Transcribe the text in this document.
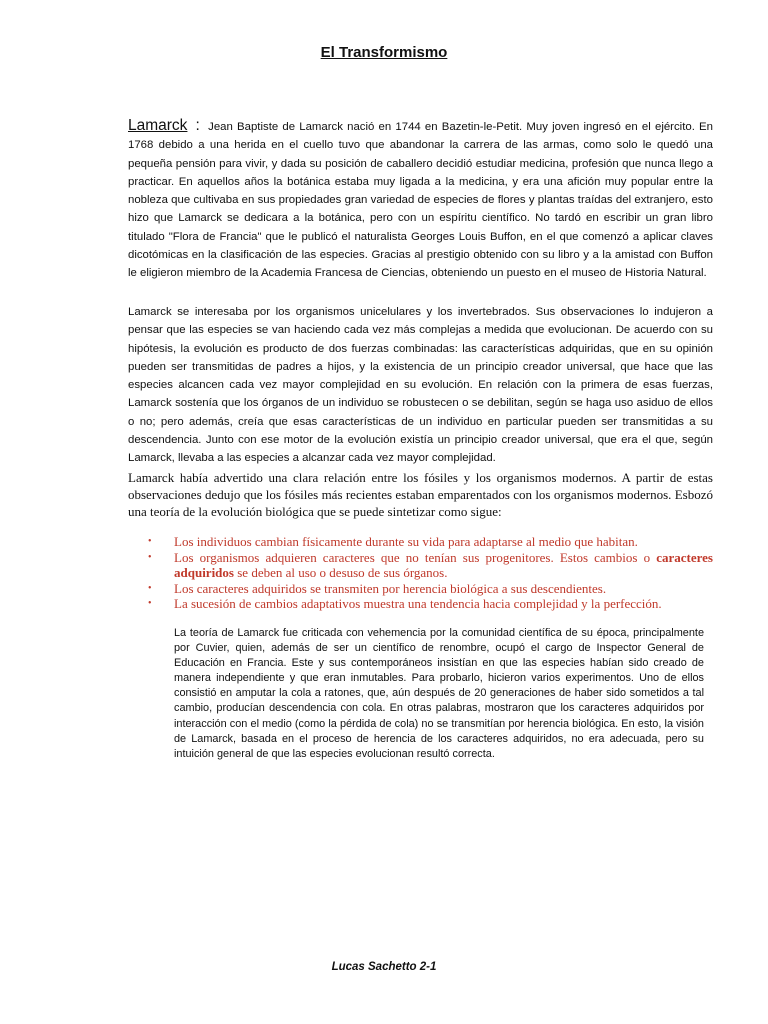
El Transformismo

Lamarck : Jean Baptiste de Lamarck nació en 1744 en Bazetin-le-Petit. Muy joven ingresó en el ejército. En 1768 debido a una herida en el cuello tuvo que abandonar la carrera de las armas, como solo le quedó una pequeña pensión para vivir, y dada su posición de caballero decidió estudiar medicina, profesión que nunca llego a practicar. En aquellos años la botánica estaba muy ligada a la medicina, y era una afición muy popular entre la nobleza que cultivaba en sus propiedades gran variedad de especies de flores y plantas traídas del extranjero, esto hizo que Lamarck se dedicara a la botánica, pero con un espíritu científico. No tardó en escribir un gran libro titulado "Flora de Francia" que le publicó el naturalista Georges Louis Buffon, en el que comenzó a aplicar claves dicotómicas en la clasificación de las especies. Gracias al prestigio obtenido con su libro y a la amistad con Buffon le eligieron miembro de la Academia Francesa de Ciencias, obteniendo un puesto en el museo de Historia Natural.

Lamarck se interesaba por los organismos unicelulares y los invertebrados. Sus observaciones lo indujeron a pensar que las especies se van haciendo cada vez más complejas a medida que evolucionan. De acuerdo con su hipótesis, la evolución es producto de dos fuerzas combinadas: las características adquiridas, que en su opinión pueden ser transmitidas de padres a hijos, y la existencia de un principio creador universal, que hace que las especies alcancen cada vez mayor complejidad en su evolución. En relación con la primera de esas fuerzas, Lamarck sostenía que los órganos de un individuo se robustecen o se debilitan, según se haga uso asiduo de ellos o no; pero además, creía que esas características de un individuo en particular pueden ser transmitidas a su descendencia. Junto con ese motor de la evolución existía un principio creador universal, que era el que, según Lamarck, llevaba a las especies a alcanzar cada vez mayor complejidad.

Lamarck había advertido una clara relación entre los fósiles y los organismos modernos. A partir de estas observaciones dedujo que los fósiles más recientes estaban emparentados con los organismos modernos. Esbozó una teoría de la evolución biológica que se puede sintetizar como sigue:

• Los individuos cambian físicamente durante su vida para adaptarse al medio que habitan.
• Los organismos adquieren caracteres que no tenían sus progenitores. Estos cambios o caracteres adquiridos se deben al uso o desuso de sus órganos.
• Los caracteres adquiridos se transmiten por herencia biológica a sus descendientes.
• La sucesión de cambios adaptativos muestra una tendencia hacia complejidad y la perfección.

La teoría de Lamarck fue criticada con vehemencia por la comunidad científica de su época, principalmente por Cuvier, quien, además de ser un científico de renombre, ocupó el cargo de Inspector General de Educación en Francia. Este y sus contemporáneos insistían en que las especies habían sido creado de manera independiente y que eran inmutables. Para probarlo, hicieron varios experimentos. Uno de ellos consistió en amputar la cola a ratones, que, aún después de 20 generaciones de haber sido sometidos a tal cambio, producían descendencia con cola. En otras palabras, mostraron que los caracteres adquiridos por interacción con el medio (como la pérdida de cola) no se transmitían por herencia biológica. En esto, la visión de Lamarck, basada en el proceso de herencia de los caracteres adquiridos, no era adecuada, pero su intuición general de que las especies evolucionan resultó correcta.

Lucas Sachetto 2-1
